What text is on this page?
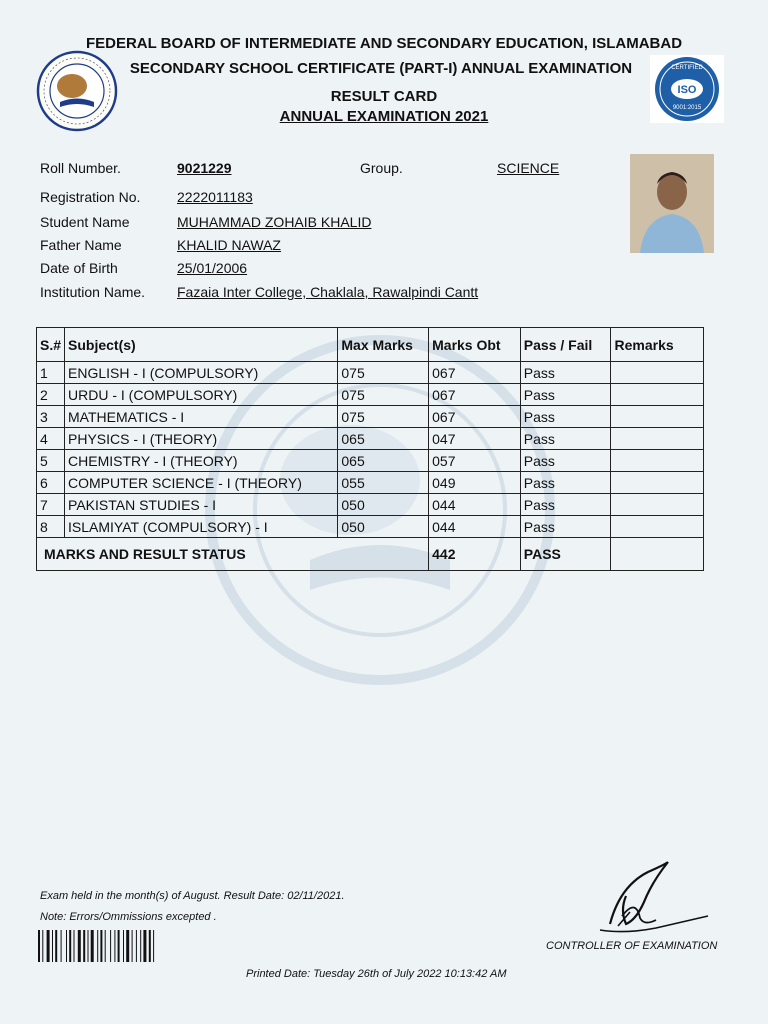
FEDERAL BOARD OF INTERMEDIATE AND SECONDARY EDUCATION, ISLAMABAD
SECONDARY SCHOOL CERTIFICATE (PART-I) ANNUAL EXAMINATION
RESULT CARD
ANNUAL EXAMINATION 2021
CERTIFIED
ISO
9001:2015
Roll Number.	9021229	Group.	SCIENCE
Registration No.	2222011183
Student Name	MUHAMMAD ZOHAIB KHALID
Father Name	KHALID NAWAZ
Date of Birth	25/01/2006
Institution Name. Fazaia Inter College, Chaklala, Rawalpindi Cantt
S.#	Subject(s)	Max Marks	Marks Obt	Pass / Fail	Remarks
1	ENGLISH - I (COMPULSORY)	075	067	Pass	
2	URDU - I (COMPULSORY)	075	067	Pass	
3	MATHEMATICS - I	075	067	Pass	
4	PHYSICS - I (THEORY)	065	047	Pass	
5	CHEMISTRY - I (THEORY)	065	057	Pass	
6	COMPUTER SCIENCE - I (THEORY)	055	049	Pass	
7	PAKISTAN STUDIES - I	050	044	Pass	
8	ISLAMIYAT (COMPULSORY) - I	050	044	Pass	
MARKS AND RESULT STATUS			442	PASS	
Exam held in the month(s) of August. Result Date: 02/11/2021.
Note: Errors/Ommissions excepted .
CONTROLLER OF EXAMINATION
Printed Date: Tuesday 26th of July 2022 10:13:42 AM
